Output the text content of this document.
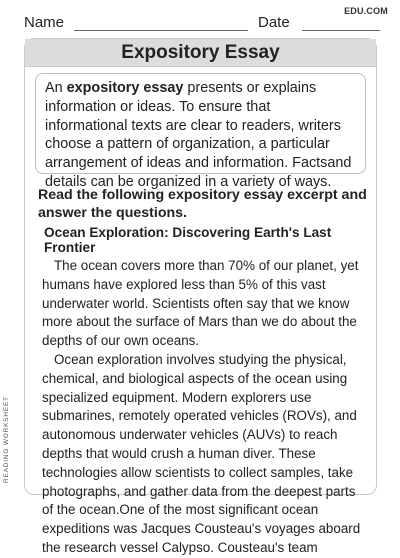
Name	Date
EDU.COM
Expository Essay
An expository essay presents or explains information or ideas. To ensure that informational texts are clear to readers, writers choose a pattern of organization, a particular arrangement of ideas and information. Factsand details can be organized in a variety of ways.
Read the following expository essay excerpt and answer the questions.
Ocean Exploration: Discovering Earth's Last Frontier

The ocean covers more than 70% of our planet, yet humans have explored less than 5% of this vast underwater world. Scientists often say that we know more about the surface of Mars than we do about the depths of our own oceans.

Ocean exploration involves studying the physical, chemical, and biological aspects of the ocean using specialized equipment. Modern explorers use submarines, remotely operated vehicles (ROVs), and autonomous underwater vehicles (AUVs) to reach depths that would crush a human diver. These technologies allow scientists to collect samples, take photographs, and gather data from the deepest parts of the ocean.One of the most significant ocean expeditions was Jacques Cousteau's voyages aboard the research vessel Calypso. Cousteau's team

READING WORKSHEET
